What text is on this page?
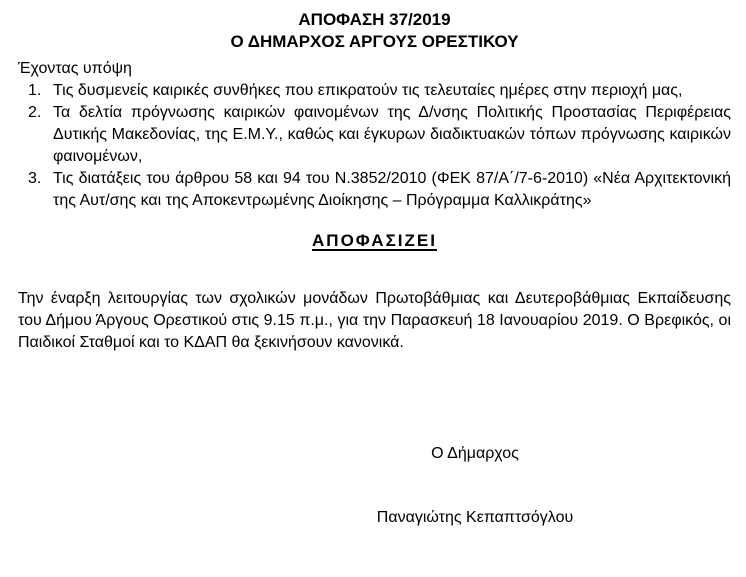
ΑΠΟΦΑΣΗ 37/2019
Ο ΔΗΜΑΡΧΟΣ ΑΡΓΟΥΣ ΟΡΕΣΤΙΚΟΥ
Έχοντας υπόψη
1. Τις δυσμενείς καιρικές συνθήκες που επικρατούν τις τελευταίες ημέρες στην περιοχή μας,
2. Τα δελτία πρόγνωσης καιρικών φαινομένων της Δ/νσης Πολιτικής Προστασίας Περιφέρειας Δυτικής Μακεδονίας, της Ε.Μ.Υ., καθώς και έγκυρων διαδικτυακών τόπων πρόγνωσης καιρικών φαινομένων,
3. Τις διατάξεις του άρθρου 58 και 94 του Ν.3852/2010 (ΦΕΚ 87/Α΄/7-6-2010) «Νέα Αρχιτεκτονική της Αυτ/σης και της Αποκεντρωμένης Διοίκησης – Πρόγραμμα Καλλικράτης»
ΑΠΟΦΑΣΙΖΕΙ
Την έναρξη λειτουργίας των σχολικών μονάδων Πρωτοβάθμιας και Δευτεροβάθμιας Εκπαίδευσης του Δήμου Άργους Ορεστικού στις 9.15 π.μ., για την Παρασκευή 18 Ιανουαρίου 2019. Ο Βρεφικός, οι Παιδικοί Σταθμοί και το ΚΔΑΠ θα ξεκινήσουν κανονικά.
Ο Δήμαρχος
Παναγιώτης Κεπαπτσόγλου
